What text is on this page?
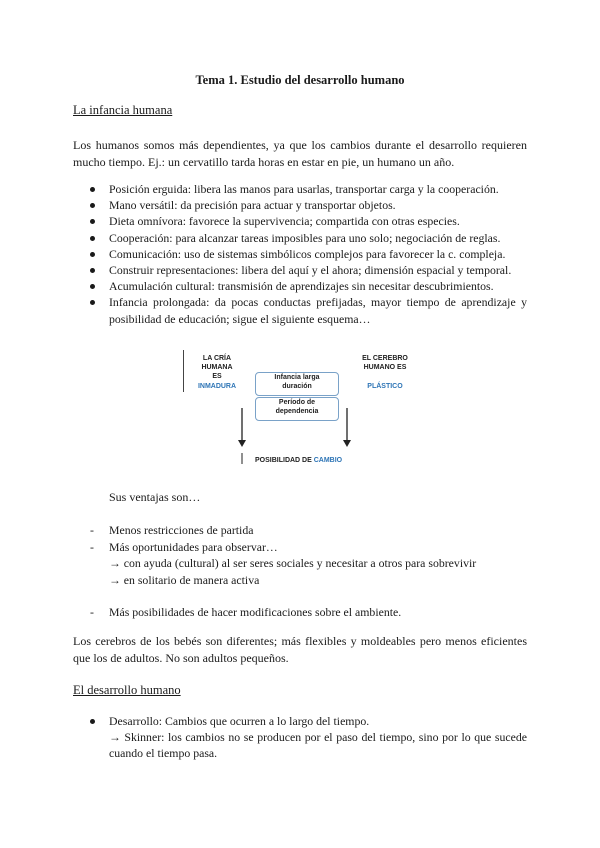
Tema 1. Estudio del desarrollo humano
La infancia humana
Los humanos somos más dependientes, ya que los cambios durante el desarrollo requieren mucho tiempo. Ej.: un cervatillo tarda horas en estar en pie, un humano un año.
Posición erguida: libera las manos para usarlas, transportar carga y la cooperación.
Mano versátil: da precisión para actuar y transportar objetos.
Dieta omnívora: favorece la supervivencia; compartida con otras especies.
Cooperación: para alcanzar tareas imposibles para uno solo; negociación de reglas.
Comunicación: uso de sistemas simbólicos complejos para favorecer la c. compleja.
Construir representaciones: libera del aquí y el ahora; dimensión espacial y temporal.
Acumulación cultural: transmisión de aprendizajes sin necesitar descubrimientos.
Infancia prolongada: da pocas conductas prefijadas, mayor tiempo de aprendizaje y posibilidad de educación; sigue el siguiente esquema…
LA CRÍA HUMANA
ES
INMADURA
EL CEREBRO
HUMANO ES
PLÁSTICO
Infancia larga
duración
Período de
dependencia
POSIBILIDAD DE CAMBIO
Sus ventajas son…
- Menos restricciones de partida
- Más oportunidades para observar…
→ con ayuda (cultural) al ser seres sociales y necesitar a otros para sobrevivir
→ en solitario de manera activa
- Más posibilidades de hacer modificaciones sobre el ambiente.
Los cerebros de los bebés son diferentes; más flexibles y moldeables pero menos eficientes que los de adultos. No son adultos pequeños.
El desarrollo humano
Desarrollo: Cambios que ocurren a lo largo del tiempo.
→ Skinner: los cambios no se producen por el paso del tiempo, sino por lo que sucede cuando el tiempo pasa.
